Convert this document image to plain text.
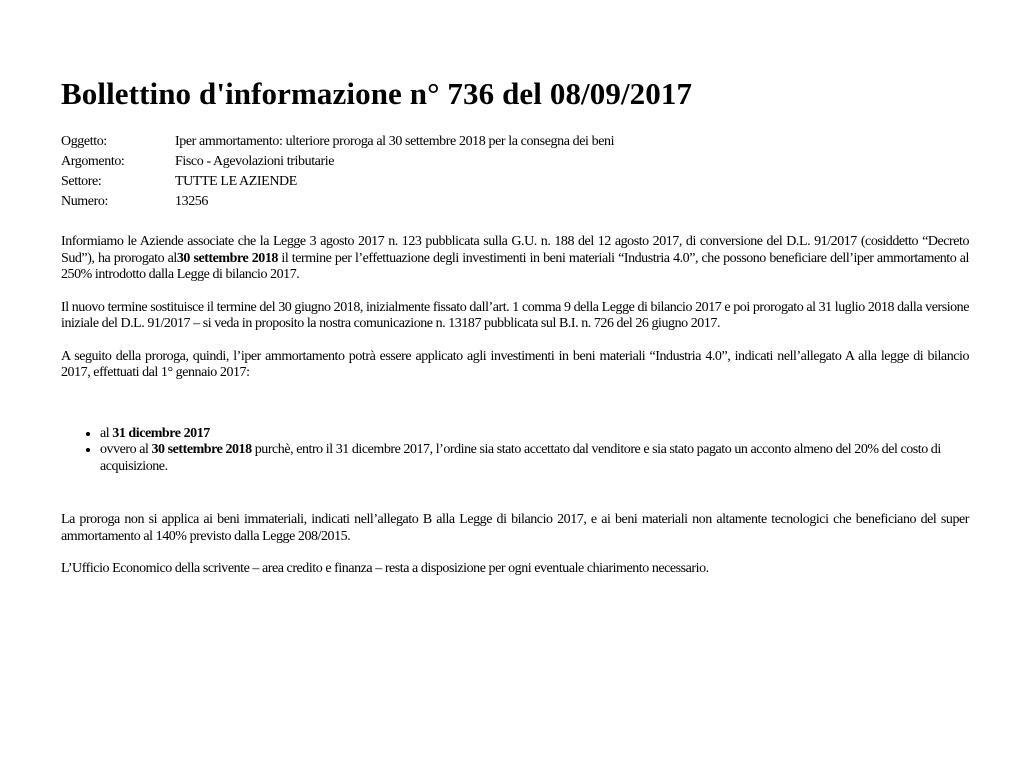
Bollettino d'informazione n° 736 del 08/09/2017
Oggetto:	Iper ammortamento: ulteriore proroga al 30 settembre 2018 per la consegna dei beni
Argomento:	Fisco - Agevolazioni tributarie
Settore:	TUTTE LE AZIENDE
Numero:	13256

Informiamo le Aziende associate che la Legge 3 agosto 2017 n. 123 pubblicata sulla G.U. n. 188 del 12 agosto 2017, di conversione del D.L. 91/2017 (cosiddetto “Decreto Sud”), ha prorogato al30 settembre 2018 il termine per l’effettuazione degli investimenti in beni materiali “Industria 4.0”, che possono beneficiare dell’iper ammortamento al 250% introdotto dalla Legge di bilancio 2017.

Il nuovo termine sostituisce il termine del 30 giugno 2018, inizialmente fissato dall’art. 1 comma 9 della Legge di bilancio 2017 e poi prorogato al 31 luglio 2018 dalla versione iniziale del D.L. 91/2017 – si veda in proposito la nostra comunicazione n. 13187 pubblicata sul B.I. n. 726 del 26 giugno 2017.

A seguito della proroga, quindi, l’iper ammortamento potrà essere applicato agli investimenti in beni materiali “Industria 4.0”, indicati nell’allegato A alla legge di bilancio 2017, effettuati dal 1° gennaio 2017:

• al 31 dicembre 2017
• ovvero al 30 settembre 2018 purchè, entro il 31 dicembre 2017, l’ordine sia stato accettato dal venditore e sia stato pagato un acconto almeno del 20% del costo di acquisizione.

La proroga non si applica ai beni immateriali, indicati nell’allegato B alla Legge di bilancio 2017, e ai beni materiali non altamente tecnologici che beneficiano del super ammortamento al 140% previsto dalla Legge 208/2015.

L’Ufficio Economico della scrivente – area credito e finanza – resta a disposizione per ogni eventuale chiarimento necessario.
